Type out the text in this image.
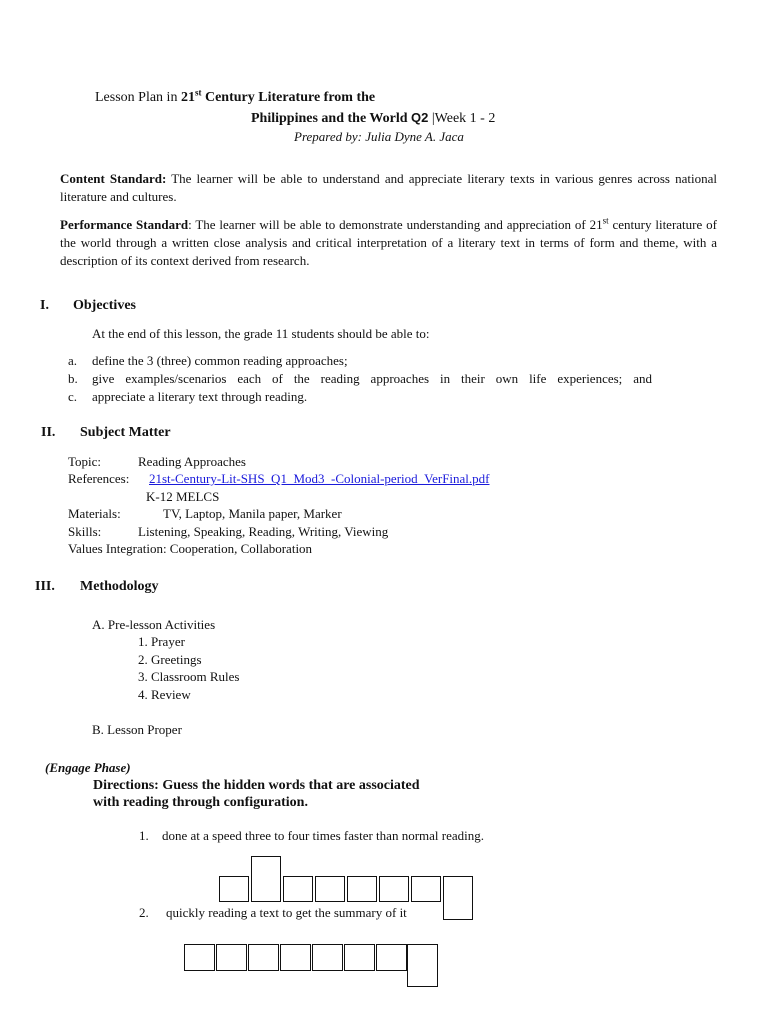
Lesson Plan in 21st Century Literature from the
Philippines and the World Q2 |Week 1 - 2
Prepared by: Julia Dyne A. Jaca
Content Standard: The learner will be able to understand and appreciate literary texts in various genres across national literature and cultures.
Performance Standard: The learner will be able to demonstrate understanding and appreciation of 21st century literature of the world through a written close analysis and critical interpretation of a literary text in terms of form and theme, with a description of its context derived from research.
I. Objectives
At the end of this lesson, the grade 11 students should be able to:
a. define the 3 (three) common reading approaches;
b. give examples/scenarios each of the reading approaches in their own life experiences; and
c. appreciate a literary text through reading.
II. Subject Matter
Topic:	Reading Approaches
References: 21st-Century-Lit-SHS_Q1_Mod3_-Colonial-period_VerFinal.pdf
K-12 MELCS
Materials:	TV, Laptop, Manila paper, Marker
Skills:	Listening, Speaking, Reading, Writing, Viewing
Values Integration: Cooperation, Collaboration
III. Methodology
A. Pre-lesson Activities
1. Prayer
2. Greetings
3. Classroom Rules
4. Review
B. Lesson Proper
(Engage Phase)
Directions: Guess the hidden words that are associated
with reading through configuration.
1. done at a speed three to four times faster than normal reading.
2. quickly reading a text to get the summary of it
